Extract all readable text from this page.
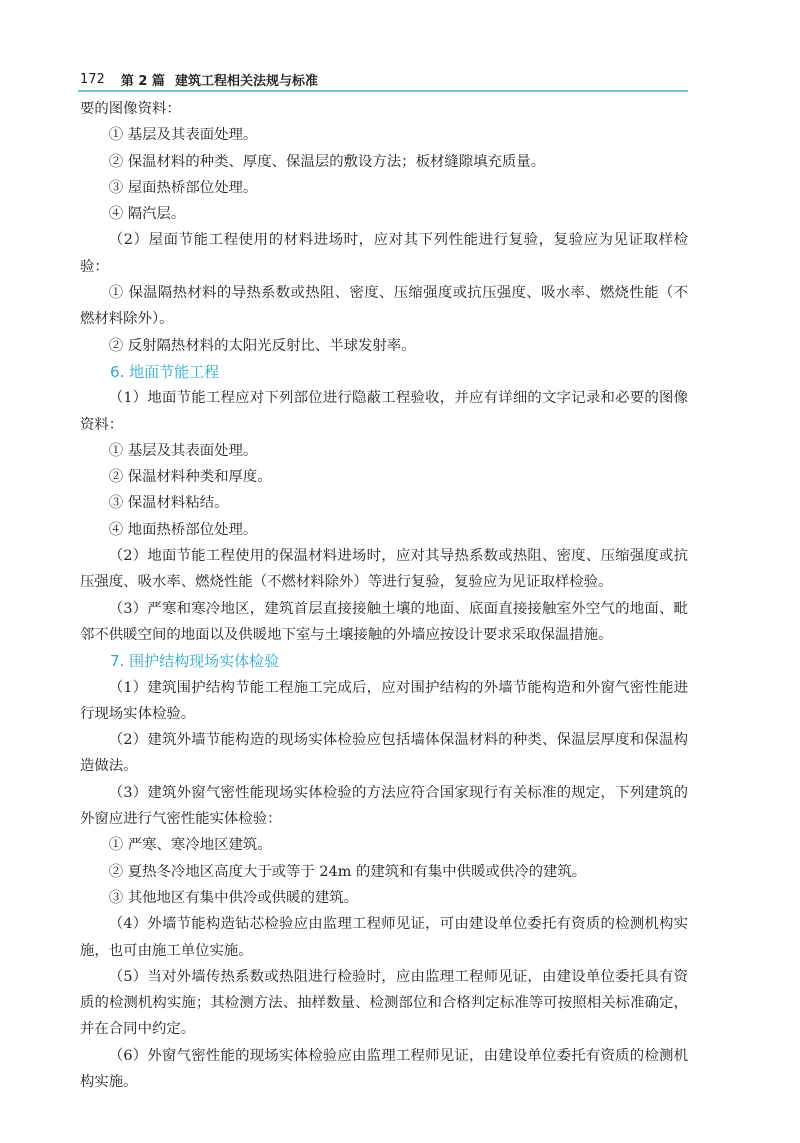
172 第 2 篇 建筑工程相关法规与标准

要的图像资料：

① 基层及其表面处理。

② 保温材料的种类、厚度、保温层的敷设方法；板材缝隙填充质量。

③ 屋面热桥部位处理。

④ 隔汽层。

（2）屋面节能工程使用的材料进场时，应对其下列性能进行复验，复验应为见证取样检验：

① 保温隔热材料的导热系数或热阻、密度、压缩强度或抗压强度、吸水率、燃烧性能（不燃材料除外）。

② 反射隔热材料的太阳光反射比、半球发射率。

6. 地面节能工程

（1）地面节能工程应对下列部位进行隐蔽工程验收，并应有详细的文字记录和必要的图像资料：

① 基层及其表面处理。

② 保温材料种类和厚度。

③ 保温材料粘结。

④ 地面热桥部位处理。

（2）地面节能工程使用的保温材料进场时，应对其导热系数或热阻、密度、压缩强度或抗压强度、吸水率、燃烧性能（不燃材料除外）等进行复验，复验应为见证取样检验。

（3）严寒和寒冷地区，建筑首层直接接触土壤的地面、底面直接接触室外空气的地面、毗邻不供暖空间的地面以及供暖地下室与土壤接触的外墙应按设计要求采取保温措施。

7. 围护结构现场实体检验

（1）建筑围护结构节能工程施工完成后，应对围护结构的外墙节能构造和外窗气密性能进行现场实体检验。

（2）建筑外墙节能构造的现场实体检验应包括墙体保温材料的种类、保温层厚度和保温构造做法。

（3）建筑外窗气密性能现场实体检验的方法应符合国家现行有关标准的规定，下列建筑的外窗应进行气密性能实体检验：

① 严寒、寒冷地区建筑。

② 夏热冬冷地区高度大于或等于 24m 的建筑和有集中供暖或供冷的建筑。

③ 其他地区有集中供冷或供暖的建筑。

（4）外墙节能构造钻芯检验应由监理工程师见证，可由建设单位委托有资质的检测机构实施，也可由施工单位实施。

（5）当对外墙传热系数或热阻进行检验时，应由监理工程师见证，由建设单位委托具有资质的检测机构实施；其检测方法、抽样数量、检测部位和合格判定标准等可按照相关标准确定，并在合同中约定。

（6）外窗气密性能的现场实体检验应由监理工程师见证，由建设单位委托有资质的检测机构实施。
